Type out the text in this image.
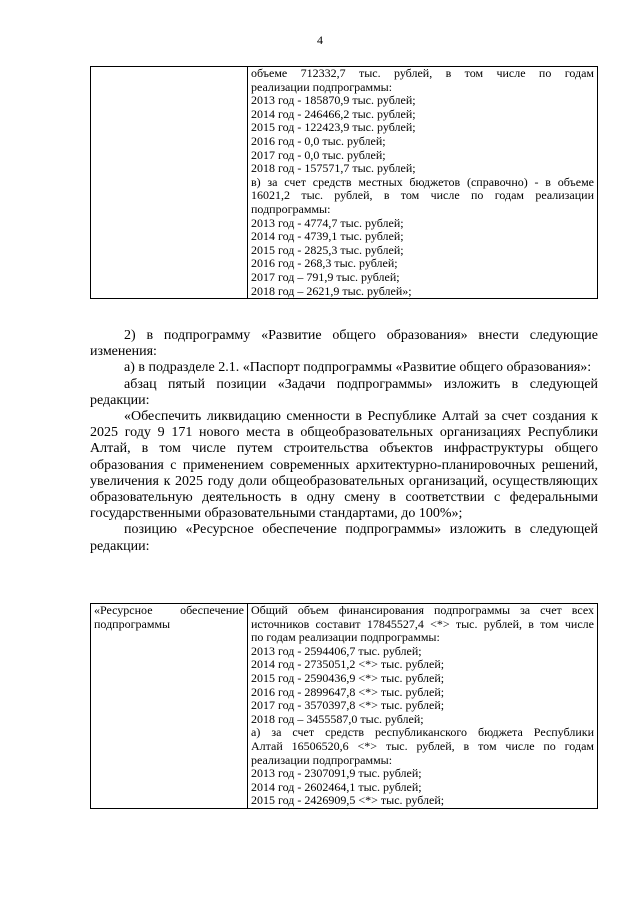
4

объеме 712332,7 тыс. рублей, в том числе по годам
реализации подпрограммы:
2013 год - 185870,9 тыс. рублей;
2014 год - 246466,2 тыс. рублей;
2015 год - 122423,9 тыс. рублей;
2016 год - 0,0 тыс. рублей;
2017 год - 0,0 тыс. рублей;
2018 год - 157571,7 тыс. рублей;
в) за счет средств местных бюджетов (справочно) - в объеме
16021,2 тыс. рублей, в том числе по годам реализации
подпрограммы:
2013 год - 4774,7 тыс. рублей;
2014 год - 4739,1 тыс. рублей;
2015 год - 2825,3 тыс. рублей;
2016 год - 268,3 тыс. рублей;
2017 год – 791,9 тыс. рублей;
2018 год – 2621,9 тыс. рублей»;

2) в подпрограмму «Развитие общего образования» внести следующие изменения:

а) в подразделе 2.1. «Паспорт подпрограммы «Развитие общего образования»:

абзац пятый позиции «Задачи подпрограммы» изложить в следующей редакции:

«Обеспечить ликвидацию сменности в Республике Алтай за счет создания к 2025 году 9 171 нового места в общеобразовательных организациях Республики Алтай, в том числе путем строительства объектов инфраструктуры общего образования с применением современных архитектурно-планировочных решений, увеличения к 2025 году доли общеобразовательных организаций, осуществляющих образовательную деятельность в одну смену в соответствии с федеральными государственными образовательными стандартами, до 100%»;

позицию «Ресурсное обеспечение подпрограммы» изложить в следующей редакции:

«Ресурсное обеспечение
подпрограммы

Общий объем финансирования подпрограммы за счет всех
источников составит 17845527,4 <*> тыс. рублей, в том числе
по годам реализации подпрограммы:
2013 год - 2594406,7 тыс. рублей;
2014 год - 2735051,2 <*> тыс. рублей;
2015 год - 2590436,9 <*> тыс. рублей;
2016 год - 2899647,8 <*> тыс. рублей;
2017 год - 3570397,8 <*> тыс. рублей;
2018 год – 3455587,0 тыс. рублей;
а) за счет средств республиканского бюджета Республики
Алтай 16506520,6 <*> тыс. рублей, в том числе по годам
реализации подпрограммы:
2013 год - 2307091,9 тыс. рублей;
2014 год - 2602464,1 тыс. рублей;
2015 год - 2426909,5 <*> тыс. рублей;
